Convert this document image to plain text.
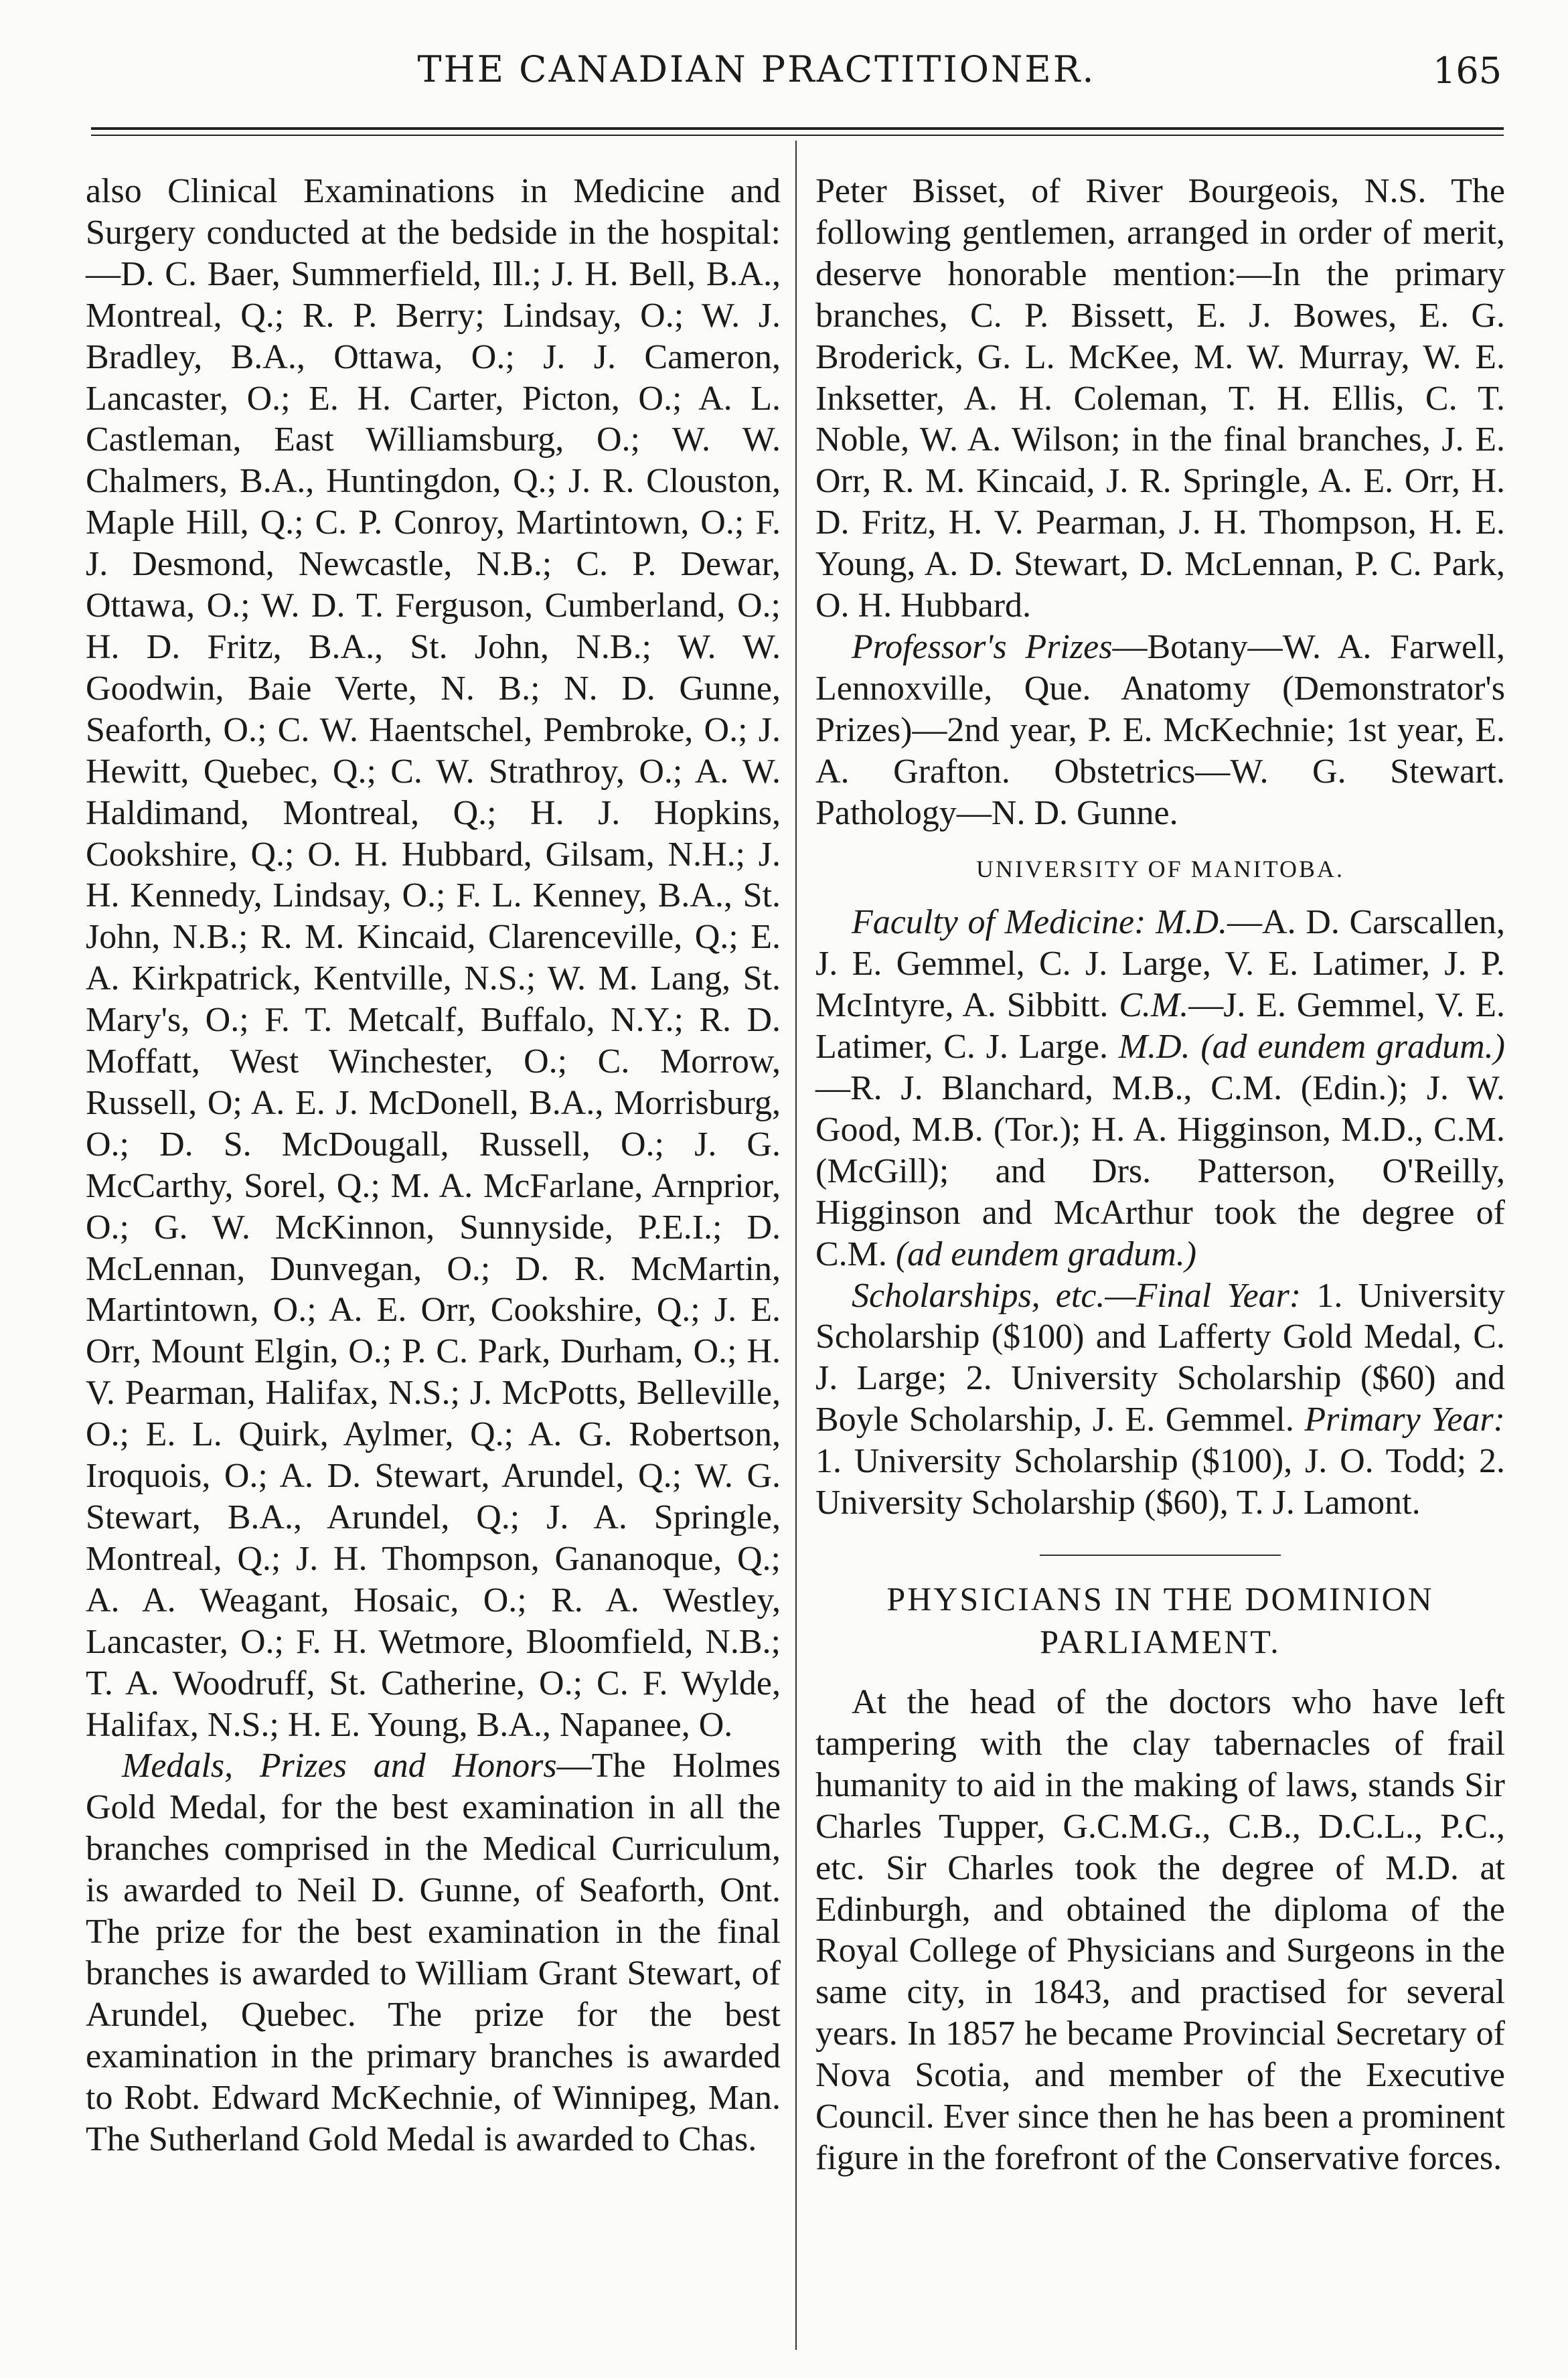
THE CANADIAN PRACTITIONER.	165

also Clinical Examinations in Medicine and Surgery conducted at the bedside in the hospital:—D. C. Baer, Summerfield, Ill.; J. H. Bell, B.A., Montreal, Q.; R. P. Berry; Lindsay, O.; W. J. Bradley, B.A., Ottawa, O.; J. J. Cameron, Lancaster, O.; E. H. Carter, Picton, O.; A. L. Castleman, East Williamsburg, O.; W. W. Chalmers, B.A., Huntingdon, Q.; J. R. Clouston, Maple Hill, Q.; C. P. Conroy, Martintown, O.; F. J. Desmond, Newcastle, N.B.; C. P. Dewar, Ottawa, O.; W. D. T. Ferguson, Cumberland, O.; H. D. Fritz, B.A., St. John, N.B.; W. W. Goodwin, Baie Verte, N. B.; N. D. Gunne, Seaforth, O.; C. W. Haentschel, Pembroke, O.; J. Hewitt, Quebec, Q.; C. W. Strathroy, O.; A. W. Haldimand, Montreal, Q.; H. J. Hopkins, Cookshire, Q.; O. H. Hubbard, Gilsam, N.H.; J. H. Kennedy, Lindsay, O.; F. L. Kenney, B.A., St. John, N.B.; R. M. Kincaid, Clarenceville, Q.; E. A. Kirkpatrick, Kentville, N.S.; W. M. Lang, St. Mary's, O.; F. T. Metcalf, Buffalo, N.Y.; R. D. Moffatt, West Winchester, O.; C. Morrow, Russell, O; A. E. J. McDonell, B.A., Morrisburg, O.; D. S. McDougall, Russell, O.; J. G. McCarthy, Sorel, Q.; M. A. McFarlane, Arnprior, O.; G. W. McKinnon, Sunnyside, P.E.I.; D. McLennan, Dunvegan, O.; D. R. McMartin, Martintown, O.; A. E. Orr, Cookshire, Q.; J. E. Orr, Mount Elgin, O.; P. C. Park, Durham, O.; H. V. Pearman, Halifax, N.S.; J. McPotts, Belleville, O.; E. L. Quirk, Aylmer, Q.; A. G. Robertson, Iroquois, O.; A. D. Stewart, Arundel, Q.; W. G. Stewart, B.A., Arundel, Q.; J. A. Springle, Montreal, Q.; J. H. Thompson, Gananoque, Q.; A. A. Weagant, Hosaic, O.; R. A. Westley, Lancaster, O.; F. H. Wetmore, Bloomfield, N.B.; T. A. Woodruff, St. Catherine, O.; C. F. Wylde, Halifax, N.S.; H. E. Young, B.A., Napanee, O.

Medals, Prizes and Honors—The Holmes Gold Medal, for the best examination in all the branches comprised in the Medical Curriculum, is awarded to Neil D. Gunne, of Seaforth, Ont. The prize for the best examination in the final branches is awarded to William Grant Stewart, of Arundel, Quebec. The prize for the best examination in the primary branches is awarded to Robt. Edward McKechnie, of Winnipeg, Man. The Sutherland Gold Medal is awarded to Chas.

Peter Bisset, of River Bourgeois, N.S. The following gentlemen, arranged in order of merit, deserve honorable mention:—In the primary branches, C. P. Bissett, E. J. Bowes, E. G. Broderick, G. L. McKee, M. W. Murray, W. E. Inksetter, A. H. Coleman, T. H. Ellis, C. T. Noble, W. A. Wilson; in the final branches, J. E. Orr, R. M. Kincaid, J. R. Springle, A. E. Orr, H. D. Fritz, H. V. Pearman, J. H. Thompson, H. E. Young, A. D. Stewart, D. McLennan, P. C. Park, O. H. Hubbard.

Professor's Prizes—Botany—W. A. Farwell, Lennoxville, Que. Anatomy (Demonstrator's Prizes)—2nd year, P. E. McKechnie; 1st year, E. A. Grafton. Obstetrics—W. G. Stewart. Pathology—N. D. Gunne.

UNIVERSITY OF MANITOBA.

Faculty of Medicine: M.D.—A. D. Carscallen, J. E. Gemmel, C. J. Large, V. E. Latimer, J. P. McIntyre, A. Sibbitt. C.M.—J. E. Gemmel, V. E. Latimer, C. J. Large. M.D. (ad eundem gradum.)—R. J. Blanchard, M.B., C.M. (Edin.); J. W. Good, M.B. (Tor.); H. A. Higginson, M.D., C.M. (McGill); and Drs. Patterson, O'Reilly, Higginson and McArthur took the degree of C.M. (ad eundem gradum.)

Scholarships, etc.—Final Year: 1. University Scholarship ($100) and Lafferty Gold Medal, C. J. Large; 2. University Scholarship ($60) and Boyle Scholarship, J. E. Gemmel. Primary Year: 1. University Scholarship ($100), J. O. Todd; 2. University Scholarship ($60), T. J. Lamont.

PHYSICIANS IN THE DOMINION
PARLIAMENT.

At the head of the doctors who have left tampering with the clay tabernacles of frail humanity to aid in the making of laws, stands Sir Charles Tupper, G.C.M.G., C.B., D.C.L., P.C., etc. Sir Charles took the degree of M.D. at Edinburgh, and obtained the diploma of the Royal College of Physicians and Surgeons in the same city, in 1843, and practised for several years. In 1857 he became Provincial Secretary of Nova Scotia, and member of the Executive Council. Ever since then he has been a prominent figure in the forefront of the Conservative forces.
